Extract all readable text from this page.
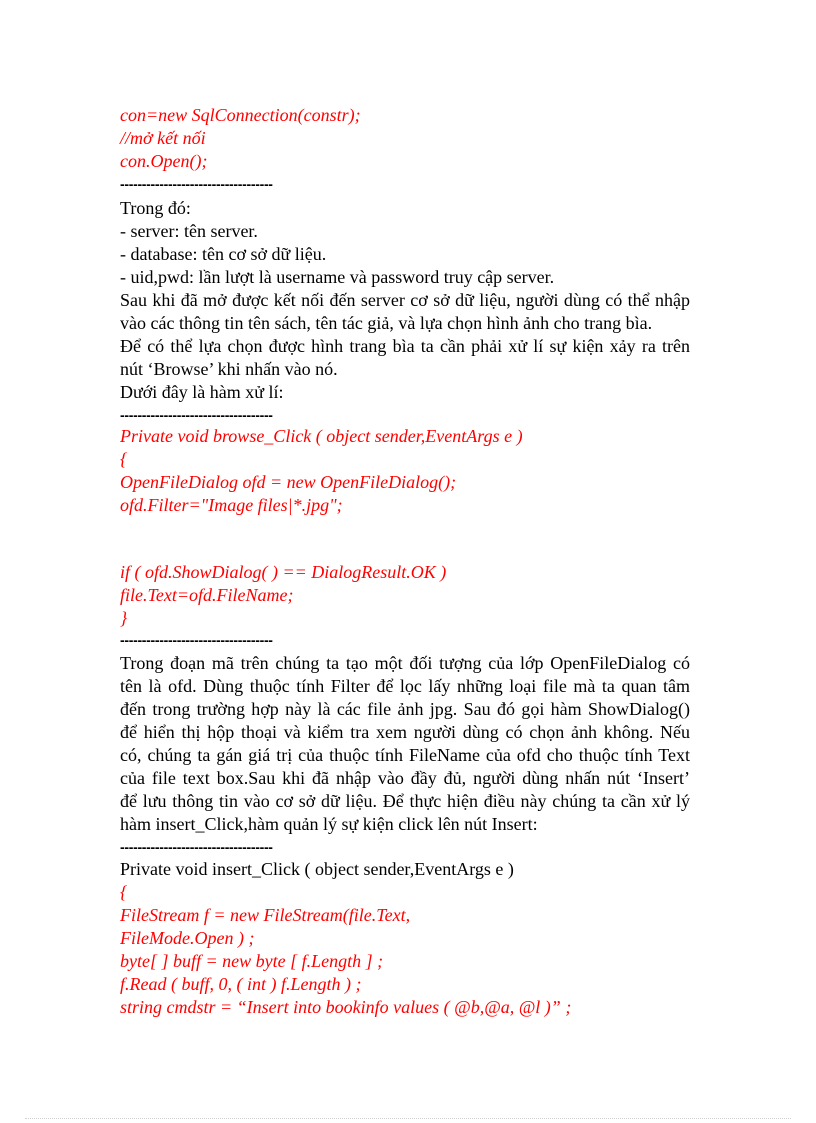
con=new SqlConnection(constr);
//mở kết nối
con.Open();
-----------------------------------
Trong đó:
- server: tên server.
- database: tên cơ sở dữ liệu.
- uid,pwd: lần lượt là username và password truy cập server.
Sau khi đã mở được kết nối đến server cơ sở dữ liệu, người dùng có thể nhập
vào các thông tin tên sách, tên tác giả, và lựa chọn hình ảnh cho trang bìa.
Để có thể lựa chọn được hình trang bìa ta cần phải xử lí sự kiện xảy ra trên
nút ‘Browse’ khi nhấn vào nó.
Dưới đây là hàm xử lí:
-----------------------------------
Private void browse_Click ( object sender,EventArgs e )
{
OpenFileDialog ofd = new OpenFileDialog();
ofd.Filter="Image files|*.jpg";
if ( ofd.ShowDialog( ) == DialogResult.OK )
file.Text=ofd.FileName;
}
-----------------------------------
Trong đoạn mã trên chúng ta tạo một đối tượng của lớp OpenFileDialog có
tên là ofd. Dùng thuộc tính Filter để lọc lấy những loại file mà ta quan tâm
đến trong trường hợp này là các file ảnh jpg. Sau đó gọi hàm ShowDialog()
để hiển thị hộp thoại và kiểm tra xem người dùng có chọn ảnh không. Nếu
có, chúng ta gán giá trị của thuộc tính FileName của ofd cho thuộc tính Text
của file text box.Sau khi đã nhập vào đầy đủ, người dùng nhấn nút ‘Insert’
để lưu thông tin vào cơ sở dữ liệu. Để thực hiện điều này chúng ta cần xử lý
hàm insert_Click,hàm quản lý sự kiện click lên nút Insert:
-----------------------------------
Private void insert_Click ( object sender,EventArgs e )
{
FileStream f = new FileStream(file.Text,
FileMode.Open ) ;
byte[ ] buff = new byte [ f.Length ] ;
f.Read ( buff, 0, ( int ) f.Length ) ;
string cmdstr = “Insert into bookinfo values ( @b,@a, @l )” ;
